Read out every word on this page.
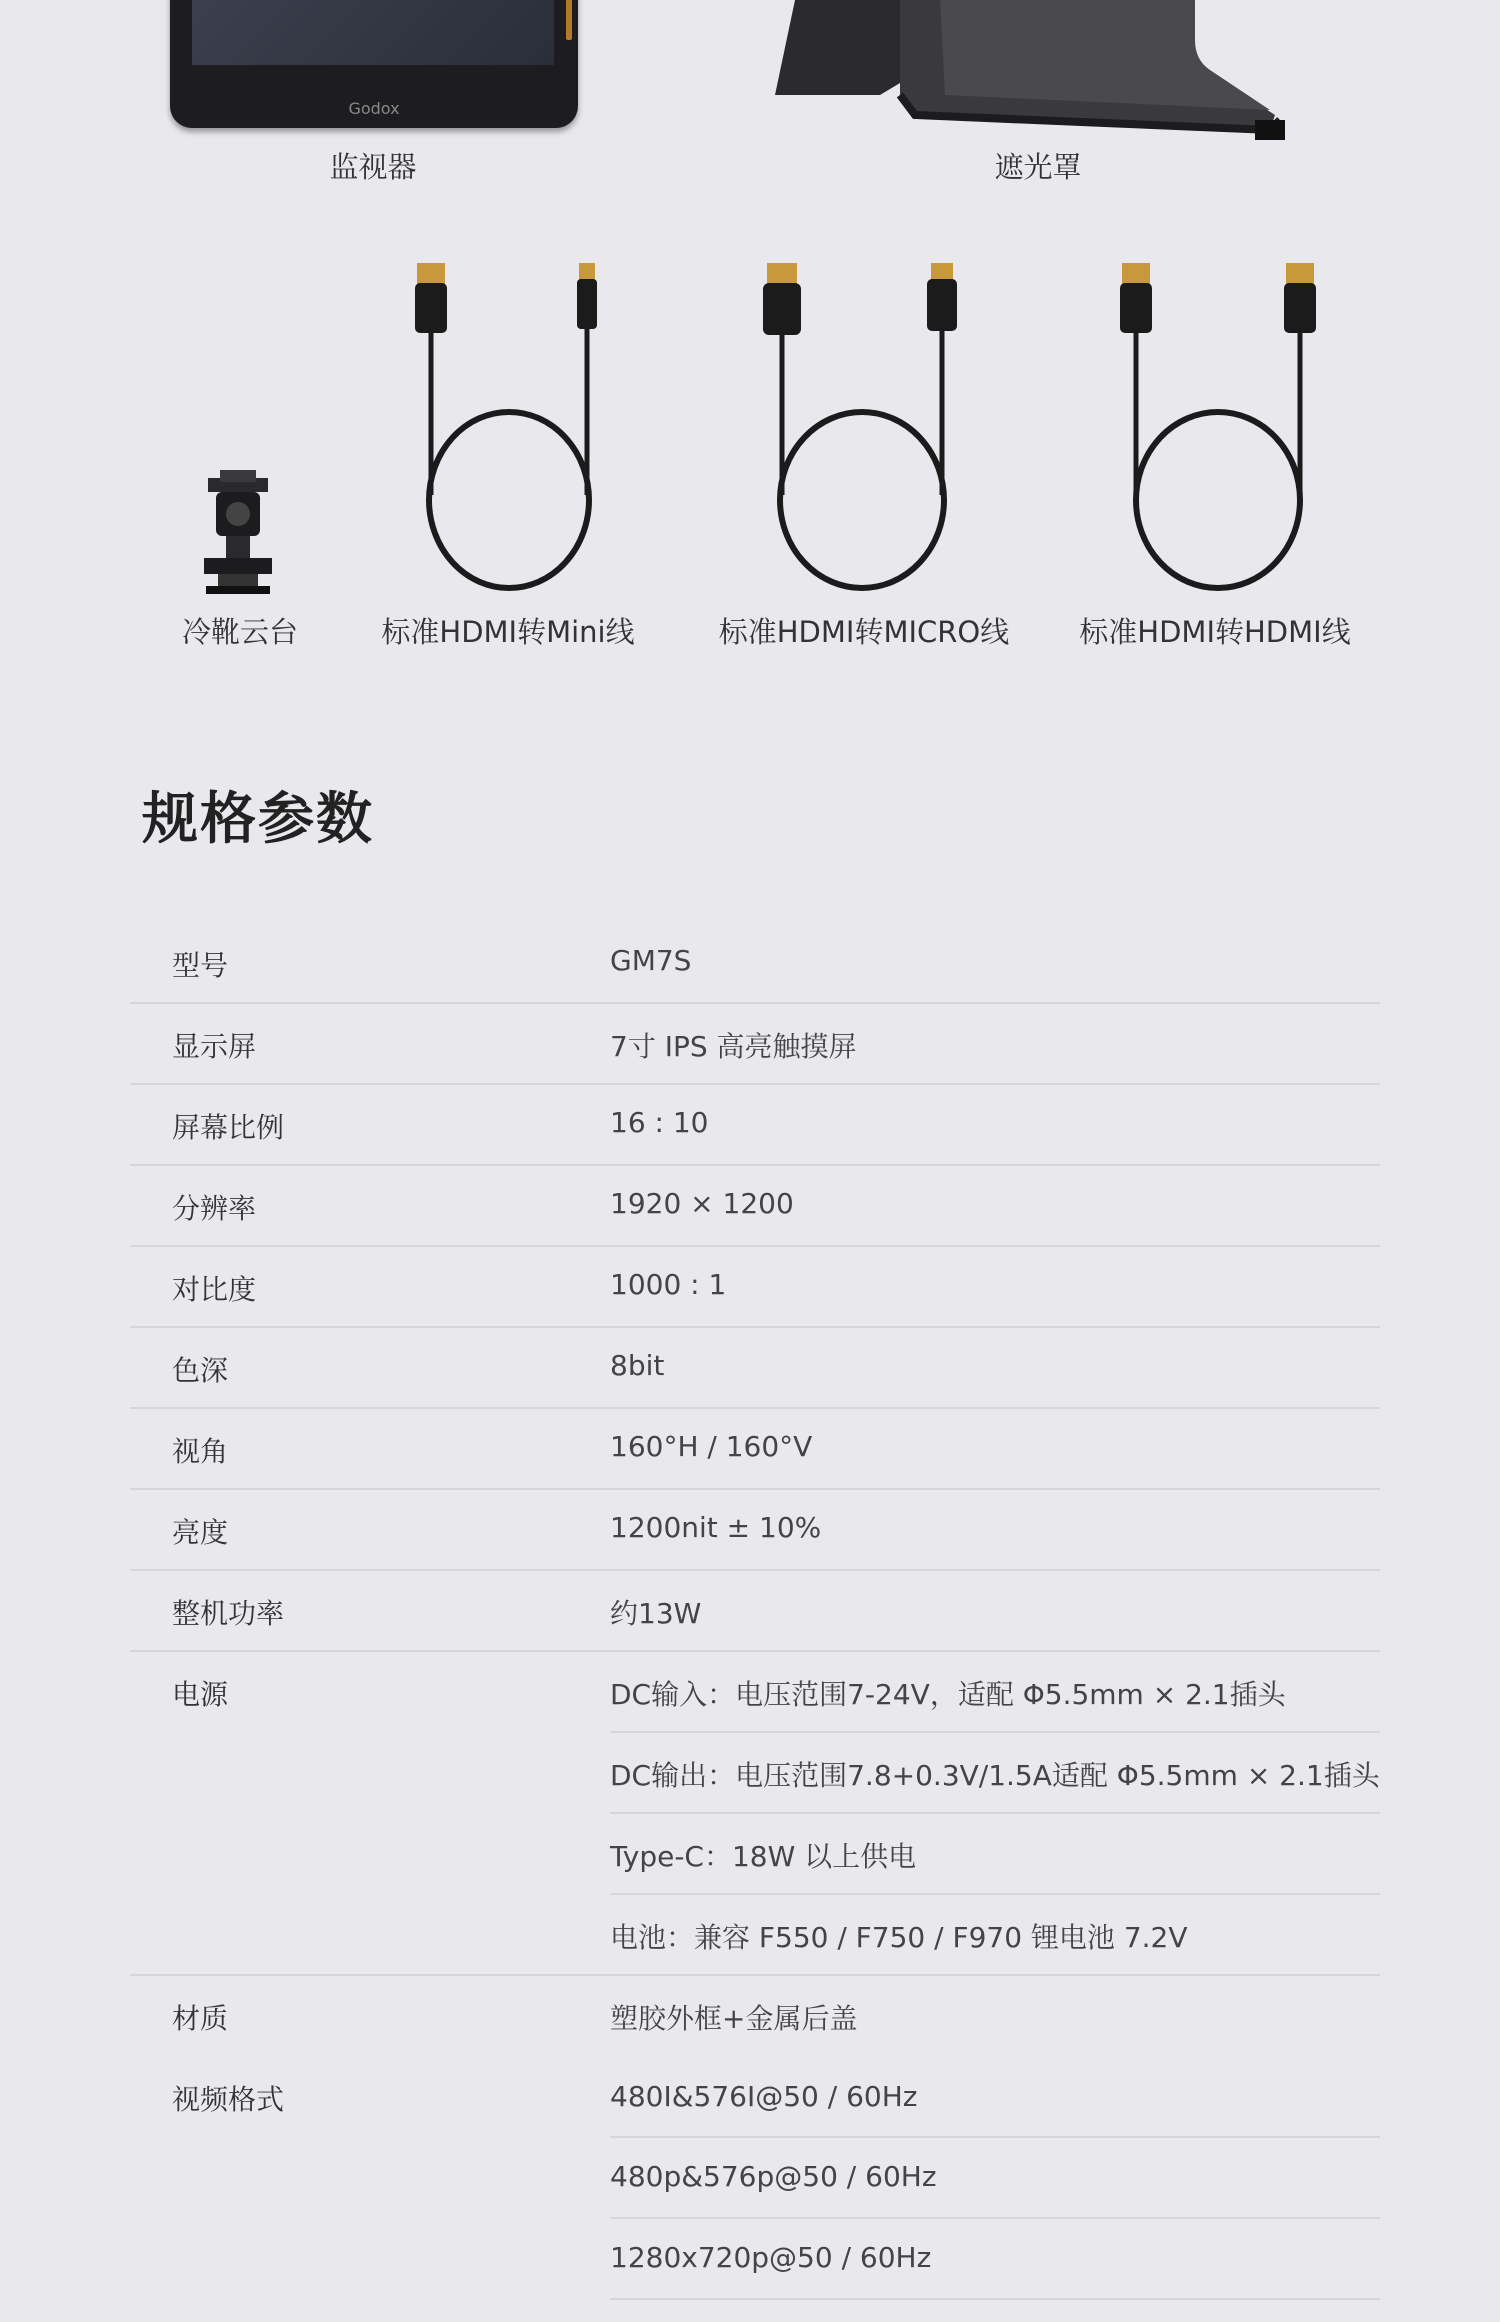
Godox
监视器	遮光罩
冷靴云台	标准HDMI转Mini线	标准HDMI转MICRO线 标准HDMI转HDMI线
规格参数
型号	GM7S
显示屏	7寸 IPS 高亮触摸屏
屏幕比例	16 : 10
分辨率	1920 × 1200
对比度	1000 : 1
色深	8bit
视角	160°H / 160°V
亮度	1200nit ± 10%
整机功率	约13W
电源	DC输入：电压范围7-24V，适配 Φ5.5mm × 2.1插头
DC输出：电压范围7.8+0.3V/1.5A适配 Φ5.5mm × 2.1插头
Type-C：18W 以上供电
电池：兼容 F550 / F750 / F970 锂电池 7.2V
材质	塑胶外框+金属后盖
视频格式	480I&576I@50 / 60Hz
480p&576p@50 / 60Hz
1280x720p@50 / 60Hz
